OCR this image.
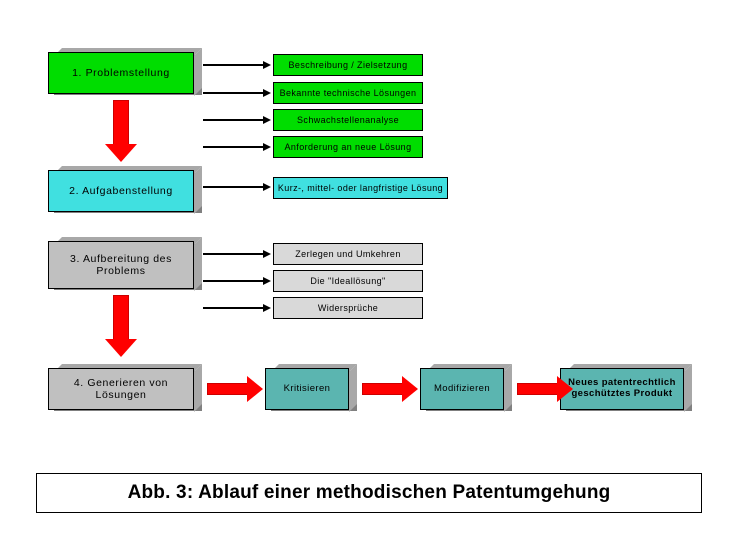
1. Problemstellung
Beschreibung / Zielsetzung
Bekannte technische Lösungen
Schwachstellenanalyse
Anforderung an neue Lösung
2. Aufgabenstellung	Kurz-, mittel- oder langfristige Lösung
3. Aufbereitung des Problems
Zerlegen und Umkehren
Die "Ideallösung"
Widersprüche
4. Generieren von Lösungen
Kritisieren	Modifizieren	Neues patentrechtlich geschütztes Produkt
Abb. 3: Ablauf einer methodischen Patentumgehung
